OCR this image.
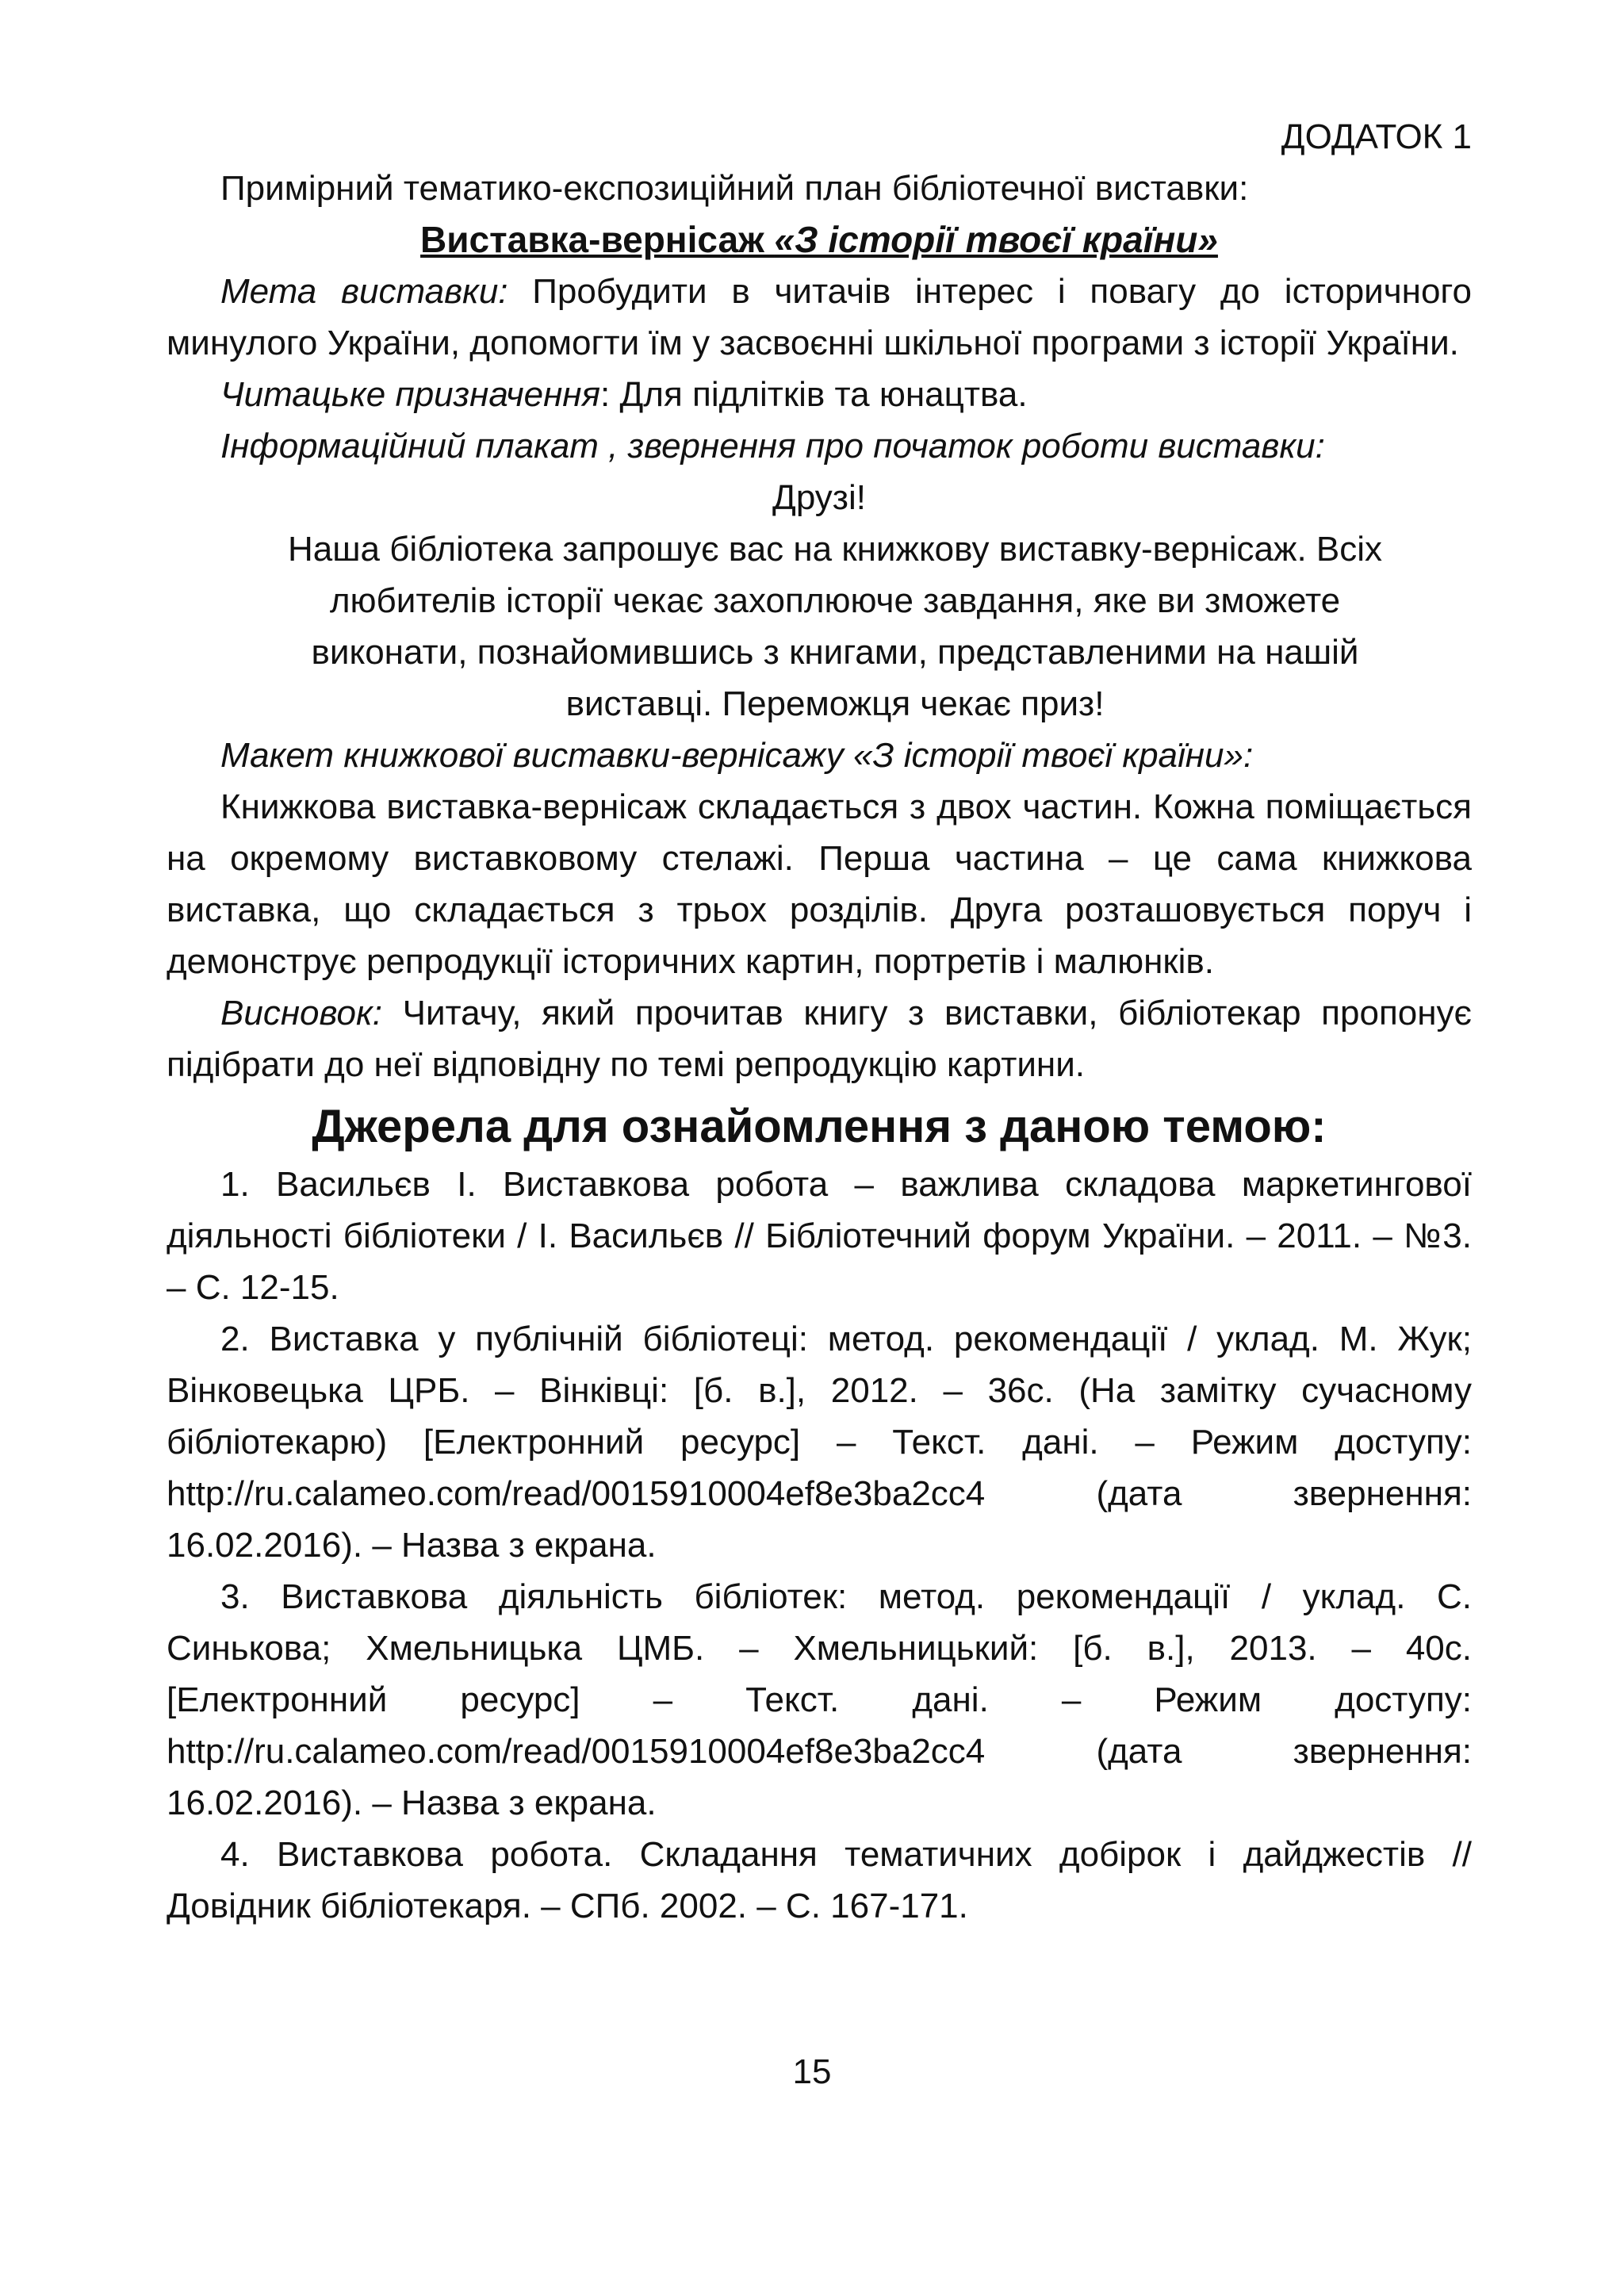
ДОДАТОК 1

Примірний тематико-експозиційний план бібліотечної виставки:

Виставка-вернісаж «З історії твоєї країни»

Мета виставки: Пробудити в читачів інтерес і повагу до історичного минулого України, допомогти їм у засвоєнні шкільної програми з історії України.

Читацьке призначення: Для підлітків та юнацтва.

Інформаційний плакат , звернення про початок роботи виставки:

Друзі!

Наша бібліотека запрошує вас на книжкову виставку-вернісаж. Всіх

любителів історії чекає захоплююче завдання, яке ви зможете

виконати, познайомившись з книгами, представленими на нашій

виставці. Переможця чекає приз!

Макет книжкової виставки-вернісажу «З історії твоєї країни»:

Книжкова виставка-вернісаж складається з двох частин. Кожна поміщається на окремому виставковому стелажі. Перша частина – це сама книжкова виставка, що складається з трьох розділів. Друга розташовується поруч і демонструє репродукції історичних картин, портретів і малюнків.

Висновок: Читачу, який прочитав книгу з виставки, бібліотекар пропонує підібрати до неї відповідну по темі репродукцію картини.

Джерела для ознайомлення з даною темою:

1. Васильєв І. Виставкова робота – важлива складова маркетингової діяльності бібліотеки / І. Васильєв // Бібліотечний форум України. – 2011. – №3. – С. 12-15.

2. Виставка у публічній бібліотеці: метод. рекомендації / уклад. М. Жук; Вінковецька ЦРБ. – Вінківці: [б. в.], 2012. – 36с. (На замітку сучасному бібліотекарю) [Електронний ресурс] – Текст. дані. – Режим доступу: http://ru.calameo.com/read/0015910004ef8e3ba2cc4 (дата звернення: 16.02.2016). – Назва з екрана.

3. Виставкова діяльність бібліотек: метод. рекомендації / уклад. С. Синькова; Хмельницька ЦМБ. – Хмельницький: [б. в.], 2013. – 40с. [Електронний ресурс] – Текст. дані. – Режим доступу: http://ru.calameo.com/read/0015910004ef8e3ba2cc4 (дата звернення: 16.02.2016). – Назва з екрана.

4. Виставкова робота. Складання тематичних добірок і дайджестів // Довідник бібліотекаря. – СПб. 2002. – С. 167-171.

15
